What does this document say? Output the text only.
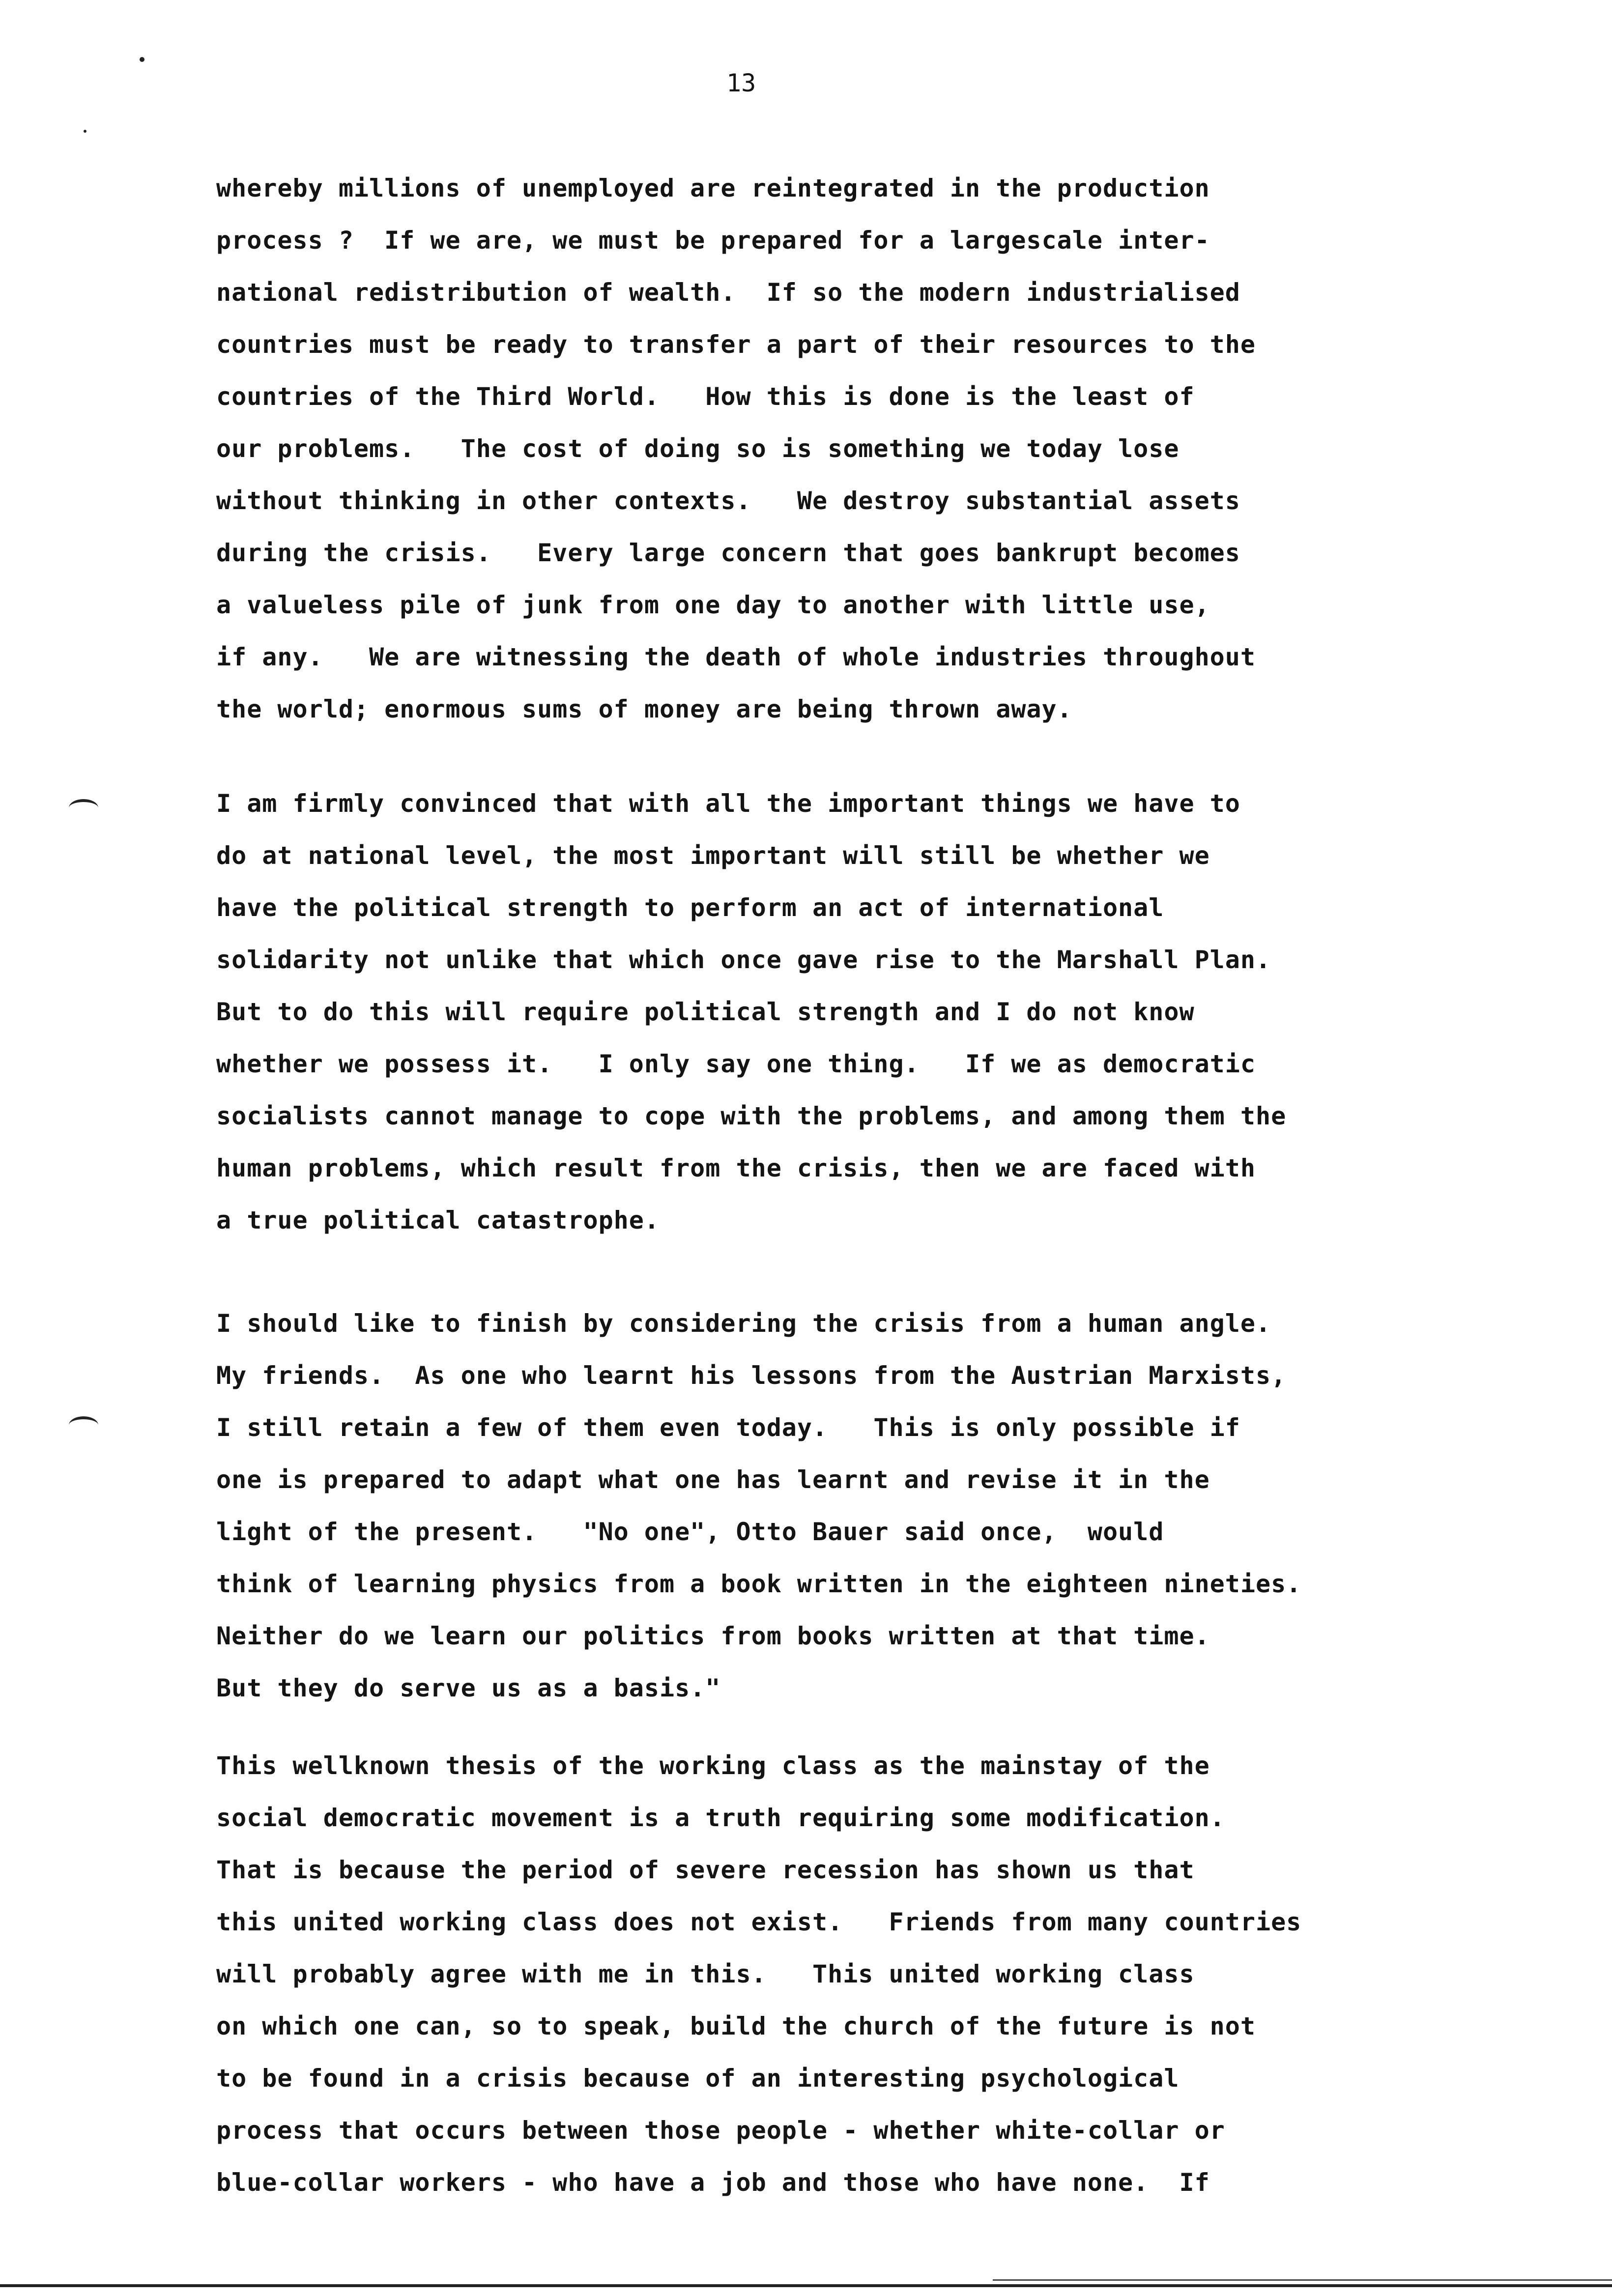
13
whereby millions of unemployed are reintegrated in the production
process ?  If we are, we must be prepared for a largescale inter-
national redistribution of wealth.  If so the modern industrialised
countries must be ready to transfer a part of their resources to the
countries of the Third World.   How this is done is the least of
our problems.   The cost of doing so is something we today lose
without thinking in other contexts.   We destroy substantial assets
during the crisis.   Every large concern that goes bankrupt becomes
a valueless pile of junk from one day to another with little use,
if any.   We are witnessing the death of whole industries throughout
the world; enormous sums of money are being thrown away.
I am firmly convinced that with all the important things we have to
do at national level, the most important will still be whether we
have the political strength to perform an act of international
solidarity not unlike that which once gave rise to the Marshall Plan.
But to do this will require political strength and I do not know
whether we possess it.   I only say one thing.   If we as democratic
socialists cannot manage to cope with the problems, and among them the
human problems, which result from the crisis, then we are faced with
a true political catastrophe.
I should like to finish by considering the crisis from a human angle.
My friends.  As one who learnt his lessons from the Austrian Marxists,
I still retain a few of them even today.   This is only possible if
one is prepared to adapt what one has learnt and revise it in the
light of the present.   "No one", Otto Bauer said once,  would
think of learning physics from a book written in the eighteen nineties.
Neither do we learn our politics from books written at that time.
But they do serve us as a basis."
This wellknown thesis of the working class as the mainstay of the
social democratic movement is a truth requiring some modification.
That is because the period of severe recession has shown us that
this united working class does not exist.   Friends from many countries
will probably agree with me in this.   This united working class
on which one can, so to speak, build the church of the future is not
to be found in a crisis because of an interesting psychological
process that occurs between those people - whether white-collar or
blue-collar workers - who have a job and those who have none.  If
